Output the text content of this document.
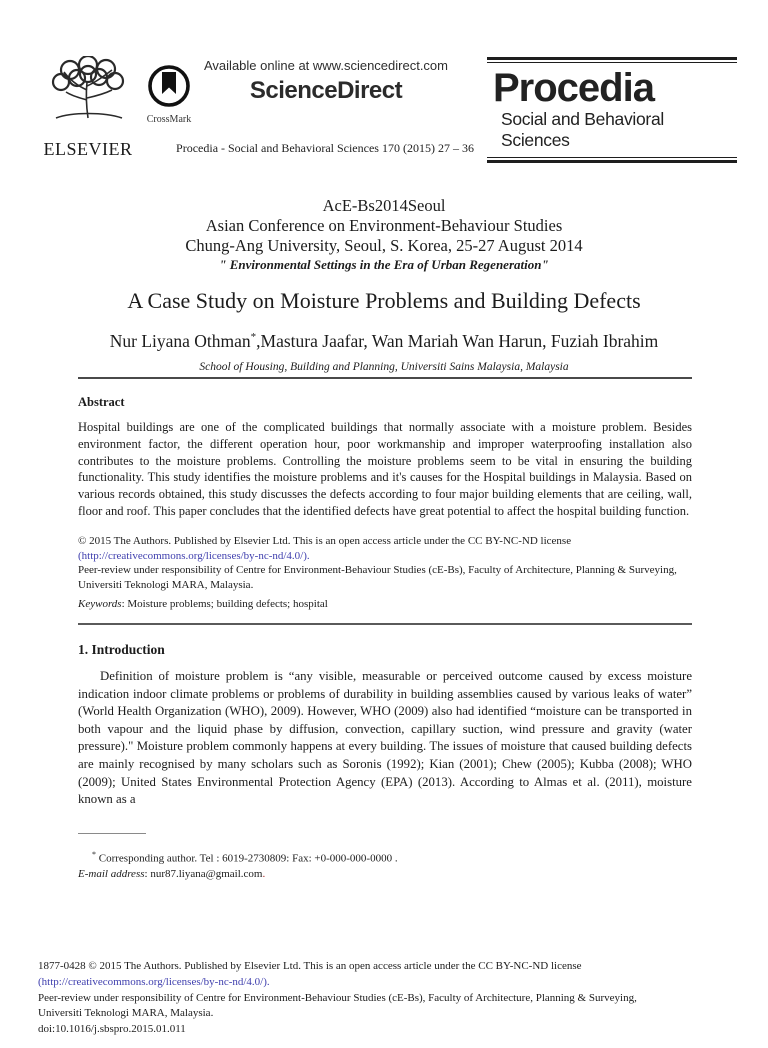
ELSEVIER
CrossMark
Available online at www.sciencedirect.com
ScienceDirect
Procedia - Social and Behavioral Sciences 170 (2015) 27 – 36
Procedia
Social and Behavioral Sciences
AcE-Bs2014Seoul
Asian Conference on Environment-Behaviour Studies
Chung-Ang University, Seoul, S. Korea, 25-27 August 2014
" Environmental Settings in the Era of Urban Regeneration"
A Case Study on Moisture Problems and Building Defects
Nur Liyana Othman*,Mastura Jaafar, Wan Mariah Wan Harun, Fuziah Ibrahim
School of Housing, Building and Planning, Universiti Sains Malaysia, Malaysia
Abstract
Hospital buildings are one of the complicated buildings that normally associate with a moisture problem. Besides environment factor, the different operation hour, poor workmanship and improper waterproofing installation also contributes to the moisture problems. Controlling the moisture problems seem to be vital in ensuring the building functionality. This study identifies the moisture problems and it's causes for the Hospital buildings in Malaysia. Based on various records obtained, this study discusses the defects according to four major building elements that are ceiling, wall, floor and roof. This paper concludes that the identified defects have great potential to affect the hospital building function.
© 2015 The Authors. Published by Elsevier Ltd. This is an open access article under the CC BY-NC-ND license
(http://creativecommons.org/licenses/by-nc-nd/4.0/).
Peer-review under responsibility of Centre for Environment-Behaviour Studies (cE-Bs), Faculty of Architecture, Planning & Surveying, Universiti Teknologi MARA, Malaysia.
Keywords: Moisture problems; building defects; hospital
1. Introduction
Definition of moisture problem is “any visible, measurable or perceived outcome caused by excess moisture indication indoor climate problems or problems of durability in building assemblies caused by various leaks of water” (World Health Organization (WHO), 2009). However, WHO (2009) also had identified “moisture can be transported in both vapour and the liquid phase by diffusion, convection, capillary suction, wind pressure and gravity (water pressure)." Moisture problem commonly happens at every building. The issues of moisture that caused building defects are mainly recognised by many scholars such as Soronis (1992); Kian (2001); Chew (2005); Kubba (2008); WHO (2009); United States Environmental Protection Agency (EPA) (2013). According to Almas et al. (2011), moisture known as a
* Corresponding author. Tel : 6019-2730809: Fax: +0-000-000-0000 .
E-mail address: nur87.liyana@gmail.com.
1877-0428 © 2015 The Authors. Published by Elsevier Ltd. This is an open access article under the CC BY-NC-ND license
(http://creativecommons.org/licenses/by-nc-nd/4.0/).
Peer-review under responsibility of Centre for Environment-Behaviour Studies (cE-Bs), Faculty of Architecture, Planning & Surveying,
Universiti Teknologi MARA, Malaysia.
doi:10.1016/j.sbspro.2015.01.011
